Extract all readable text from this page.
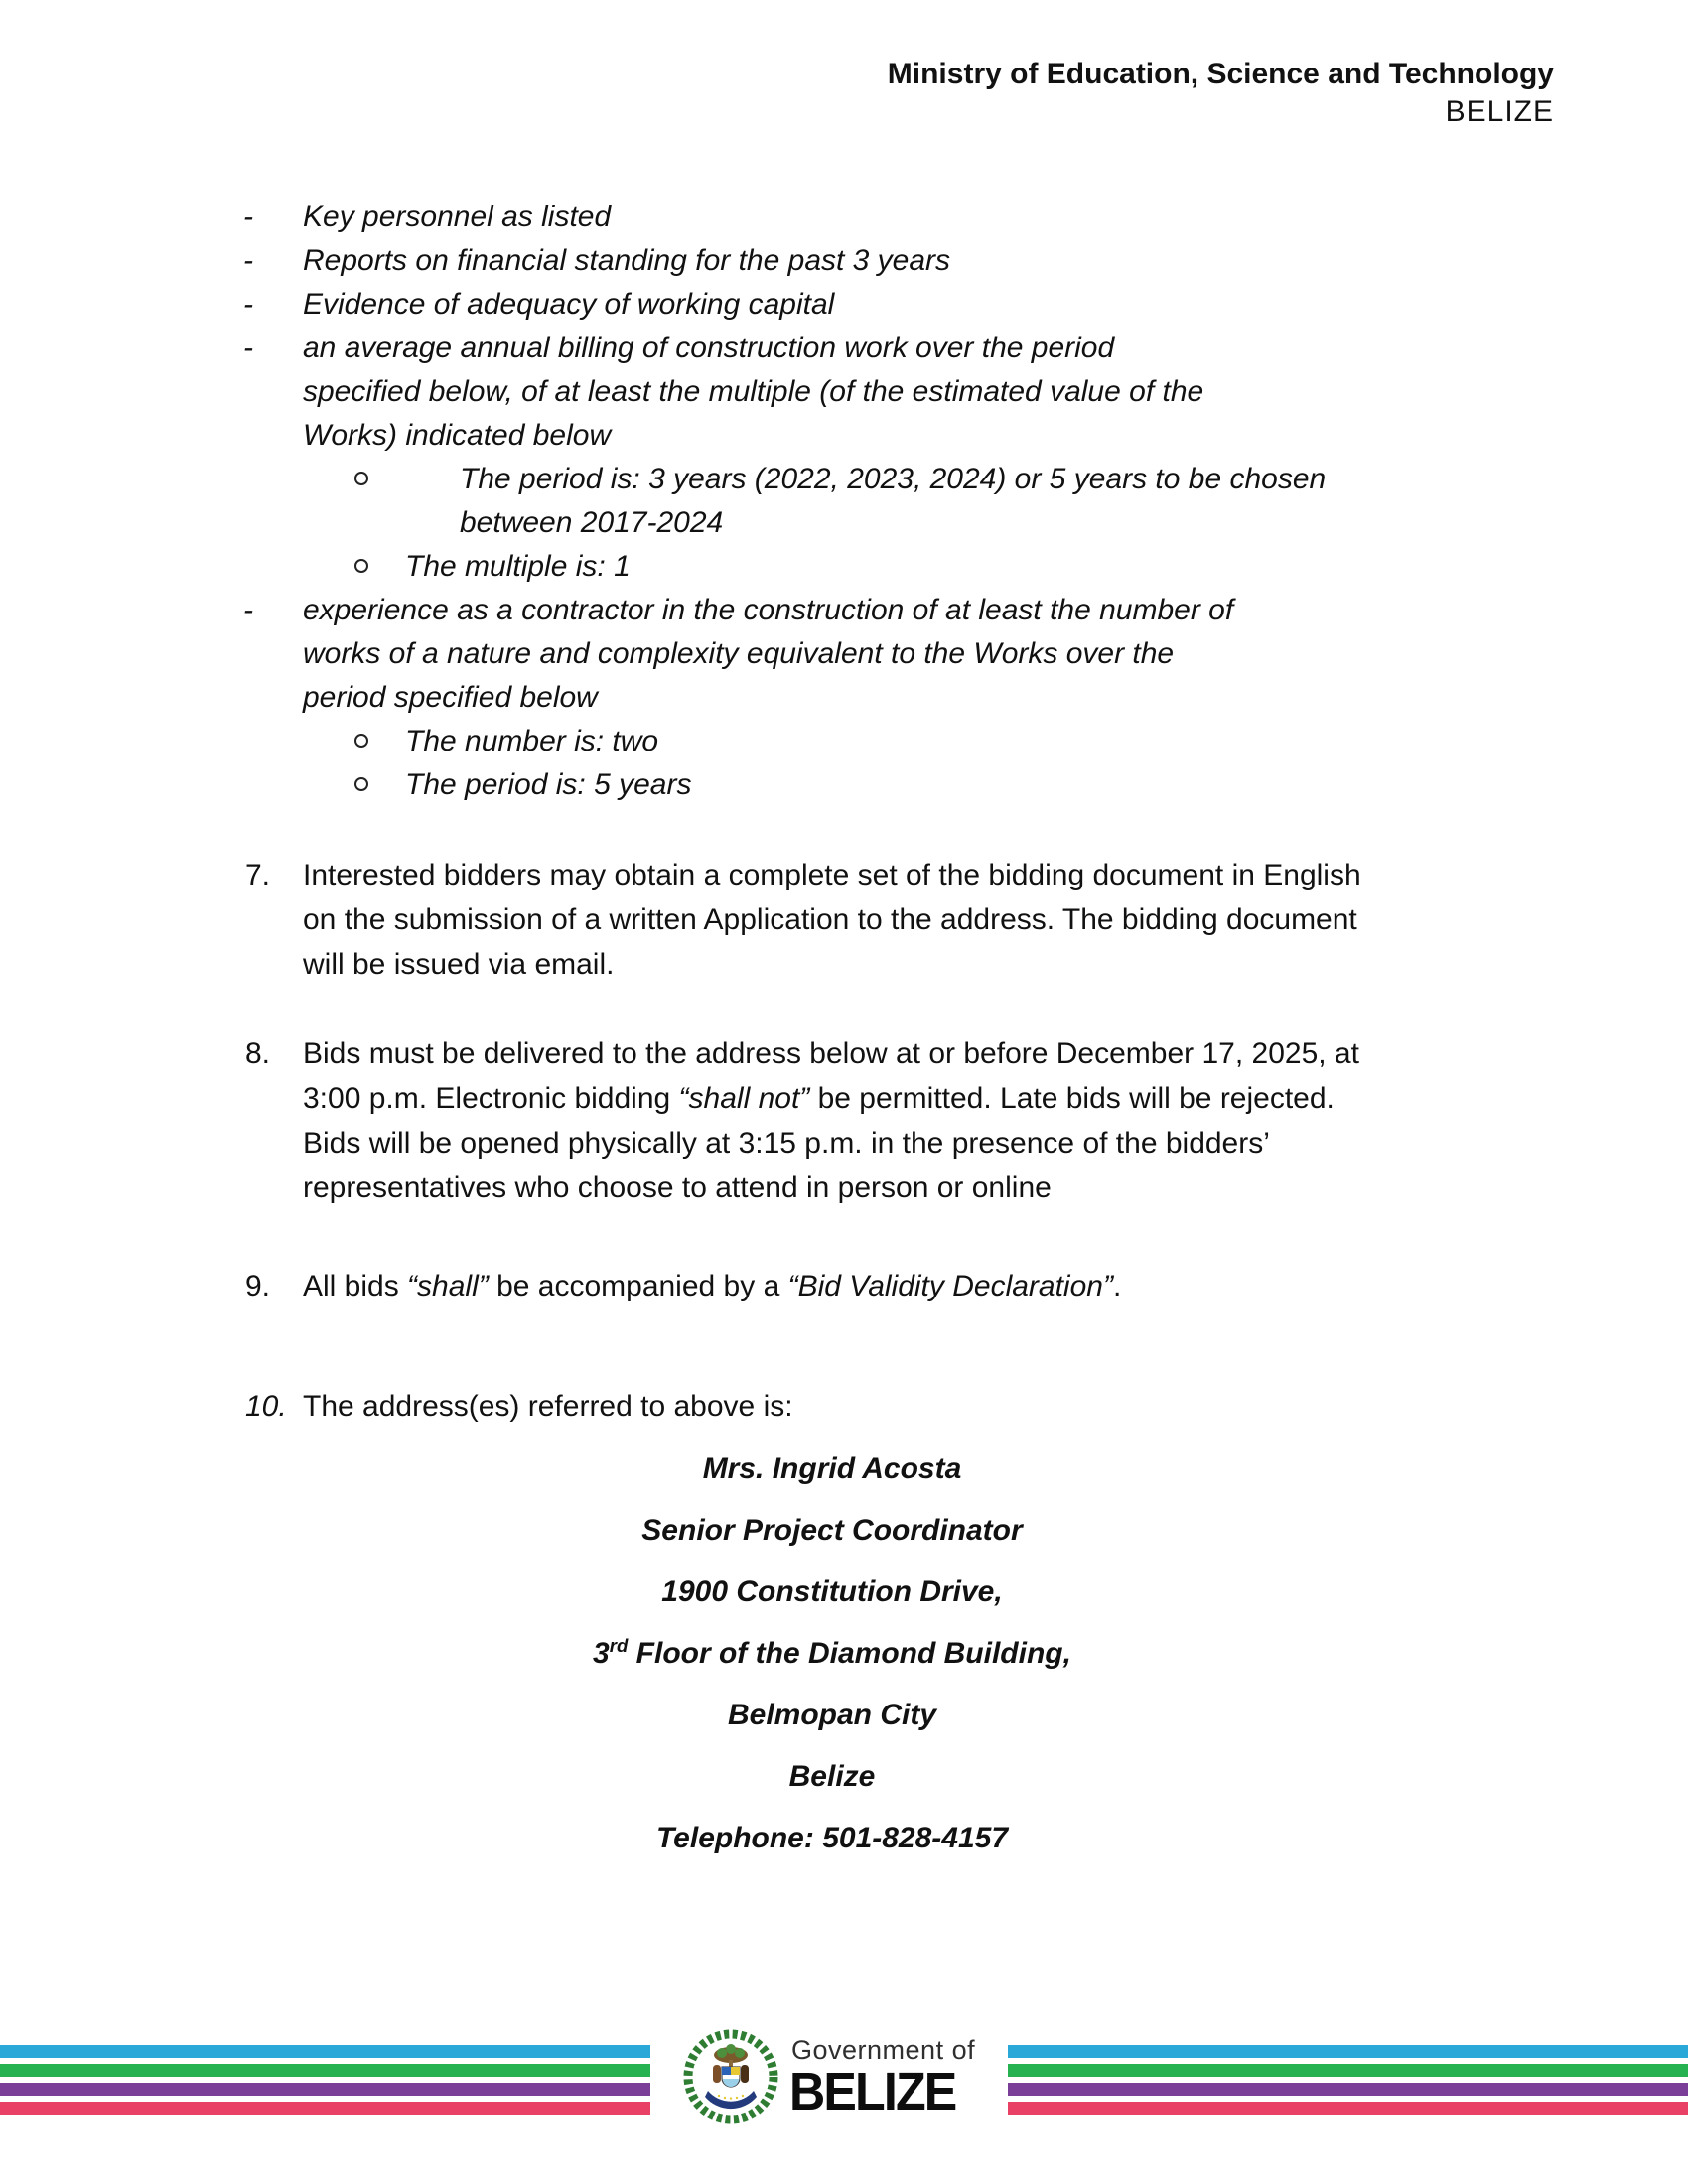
Ministry of Education, Science and Technology
BELIZE
- Key personnel as listed
- Reports on financial standing for the past 3 years
- Evidence of adequacy of working capital
- an average annual billing of construction work over the period
specified below, of at least the multiple (of the estimated value of the
Works) indicated below
The period is: 3 years (2022, 2023, 2024) or 5 years to be chosen
between 2017-2024
The multiple is: 1
- experience as a contractor in the construction of at least the number of
works of a nature and complexity equivalent to the Works over the
period specified below
The number is: two
The period is: 5 years
7. Interested bidders may obtain a complete set of the bidding document in English
on the submission of a written Application to the address. The bidding document
will be issued via email.
8. Bids must be delivered to the address below at or before December 17, 2025, at
3:00 p.m. Electronic bidding “shall not” be permitted. Late bids will be rejected.
Bids will be opened physically at 3:15 p.m. in the presence of the bidders’
representatives who choose to attend in person or online
9. All bids “shall” be accompanied by a “Bid Validity Declaration”.
10. The address(es) referred to above is:
Mrs. Ingrid Acosta
Senior Project Coordinator
1900 Constitution Drive,
3rd Floor of the Diamond Building,
Belmopan City
Belize
Telephone: 501-828-4157
Government of
BELIZE
